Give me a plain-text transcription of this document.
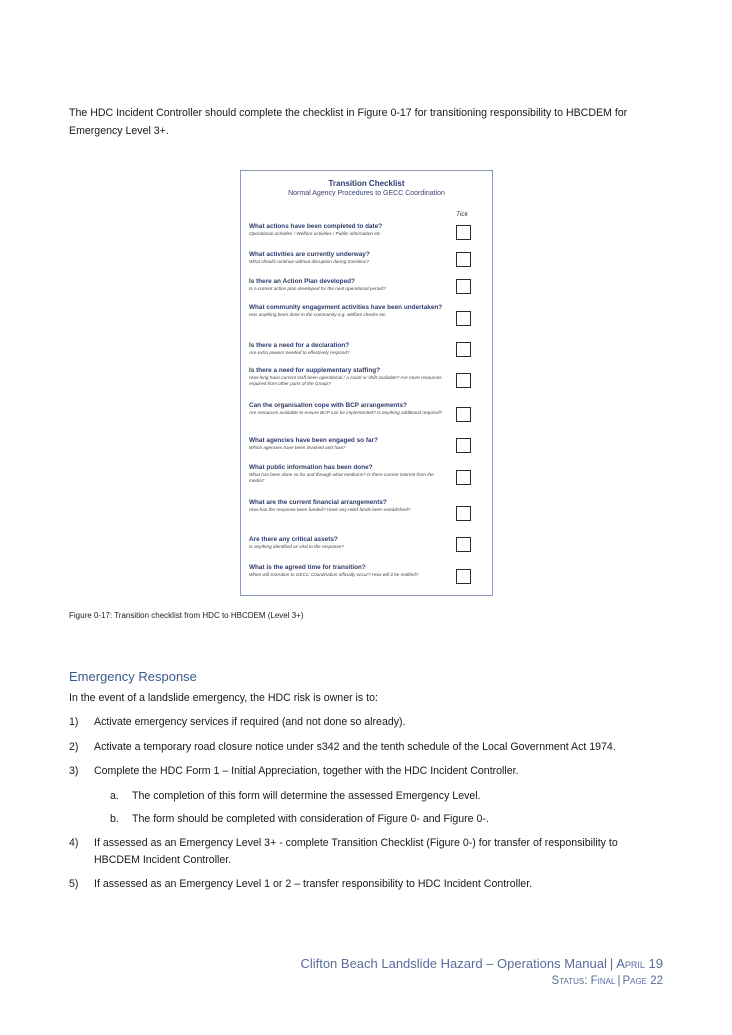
The HDC Incident Controller should complete the checklist in Figure 0-17 for transitioning responsibility to HBCDEM for Emergency Level 3+.

Transition Checklist
Normal Agency Procedures to GECC Coordination
Tick
What actions have been completed to date?
Operational activities / Welfare activities / Public information etc
What activities are currently underway?
What should continue without disruption during transition?
Is there an Action Plan developed?
Is a current action plan developed for the next operational period?
What community engagement activities have been undertaken?
Has anything been done in the community e.g. welfare checks etc
Is there a need for a declaration?
Are extra powers needed to effectively respond?
Is there a need for supplementary staffing?
How long have current staff been operational / a count or shift available? Are more resources required from other parts of the Group?
Can the organisation cope with BCP arrangements?
Are resources available to ensure BCP can be implemented? Is anything additional required?
What agencies have been engaged so far?
Which agencies have been involved and how?
What public information has been done?
What has been done so far and through what mediums? Is there current interest from the media?
What are the current financial arrangements?
How has the response been funded? Have any relief funds been established?
Are there any critical assets?
Is anything identified as vital to the response?
What is the agreed time for transition?
When will transition to GECC Coordination officially occur? How will it be notified?

Figure 0-17: Transition checklist from HDC to HBCDEM (Level 3+)

Emergency Response

In the event of a landslide emergency, the HDC risk is owner is to:

1) Activate emergency services if required (and not done so already).
2) Activate a temporary road closure notice under s342 and the tenth schedule of the Local Government Act 1974.
3) Complete the HDC Form 1 – Initial Appreciation, together with the HDC Incident Controller.
a. The completion of this form will determine the assessed Emergency Level.
b. The form should be completed with consideration of Figure 0- and Figure 0-.
4) If assessed as an Emergency Level 3+ - complete Transition Checklist (Figure 0-) for transfer of responsibility to HBCDEM Incident Controller.
5) If assessed as an Emergency Level 1 or 2 – transfer responsibility to HDC Incident Controller.
Clifton Beach Landslide Hazard – Operations Manual | April 19
Status: Final | Page 22
